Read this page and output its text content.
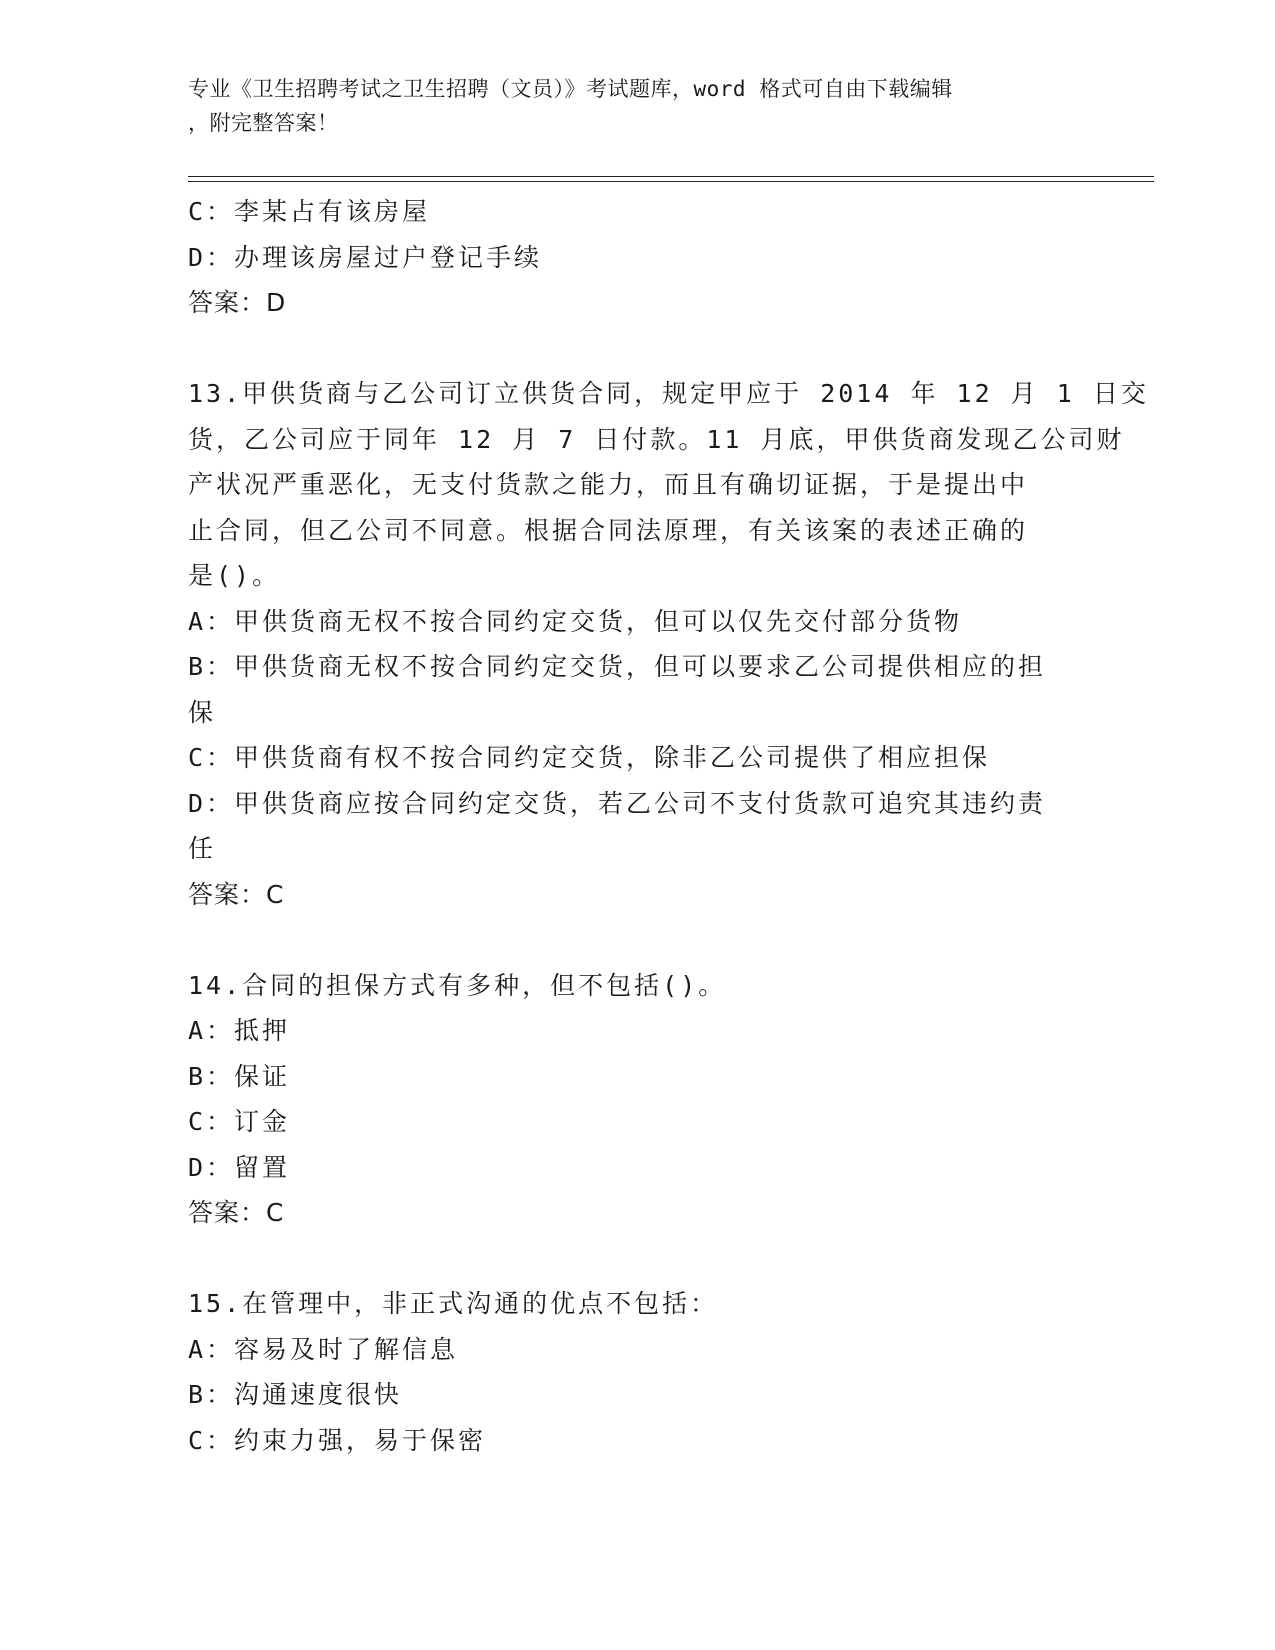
专业《卫生招聘考试之卫生招聘（文员）》考试题库，word 格式可自由下载编辑
，附完整答案！
C：李某占有该房屋
D：办理该房屋过户登记手续
答案：D
13.甲供货商与乙公司订立供货合同，规定甲应于 2014 年 12 月 1 日交
货，乙公司应于同年 12 月 7 日付款。11 月底，甲供货商发现乙公司财
产状况严重恶化，无支付货款之能力，而且有确切证据，于是提出中
止合同，但乙公司不同意。根据合同法原理，有关该案的表述正确的
是()。
A：甲供货商无权不按合同约定交货，但可以仅先交付部分货物
B：甲供货商无权不按合同约定交货，但可以要求乙公司提供相应的担
保
C：甲供货商有权不按合同约定交货，除非乙公司提供了相应担保
D：甲供货商应按合同约定交货，若乙公司不支付货款可追究其违约责
任
答案：C
14.合同的担保方式有多种，但不包括()。
A：抵押
B：保证
C：订金
D：留置
答案：C
15.在管理中，非正式沟通的优点不包括：
A：容易及时了解信息
B：沟通速度很快
C：约束力强，易于保密
